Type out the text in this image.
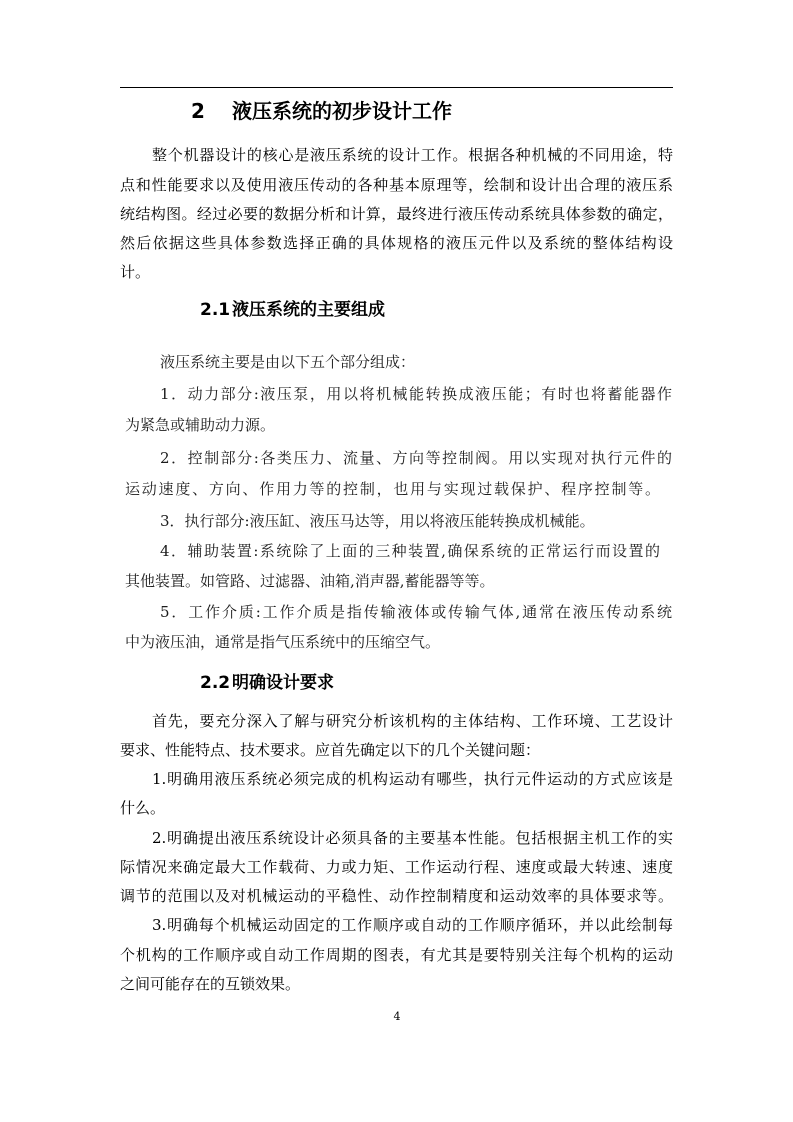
2 液压系统的初步设计工作
整个机器设计的核心是液压系统的设计工作。根据各种机械的不同用途，特
点和性能要求以及使用液压传动的各种基本原理等，绘制和设计出合理的液压系
统结构图。经过必要的数据分析和计算，最终进行液压传动系统具体参数的确定，
然后依据这些具体参数选择正确的具体规格的液压元件以及系统的整体结构设
计。
2.1 液压系统的主要组成
液压系统主要是由以下五个部分组成：
1．动力部分:液压泵，用以将机械能转换成液压能；有时也将蓄能器作
为紧急或辅助动力源。
2．控制部分:各类压力、流量、方向等控制阀。用以实现对执行元件的
运动速度、方向、作用力等的控制，也用与实现过载保护、程序控制等。
3．执行部分:液压缸、液压马达等，用以将液压能转换成机械能。
4．辅助装置:系统除了上面的三种装置,确保系统的正常运行而设置的
其他装置。如管路、过滤器、油箱,消声器,蓄能器等等。
5．工作介质:工作介质是指传输液体或传输气体,通常在液压传动系统
中为液压油，通常是指气压系统中的压缩空气。
2.2 明确设计要求
首先，要充分深入了解与研究分析该机构的主体结构、工作环境、工艺设计
要求、性能特点、技术要求。应首先确定以下的几个关键问题：
1.明确用液压系统必须完成的机构运动有哪些，执行元件运动的方式应该是
什么。
2.明确提出液压系统设计必须具备的主要基本性能。包括根据主机工作的实
际情况来确定最大工作载荷、力或力矩、工作运动行程、速度或最大转速、速度
调节的范围以及对机械运动的平稳性、动作控制精度和运动效率的具体要求等。
3.明确每个机械运动固定的工作顺序或自动的工作顺序循环，并以此绘制每
个机构的工作顺序或自动工作周期的图表，有尤其是要特别关注每个机构的运动
之间可能存在的互锁效果。
4
